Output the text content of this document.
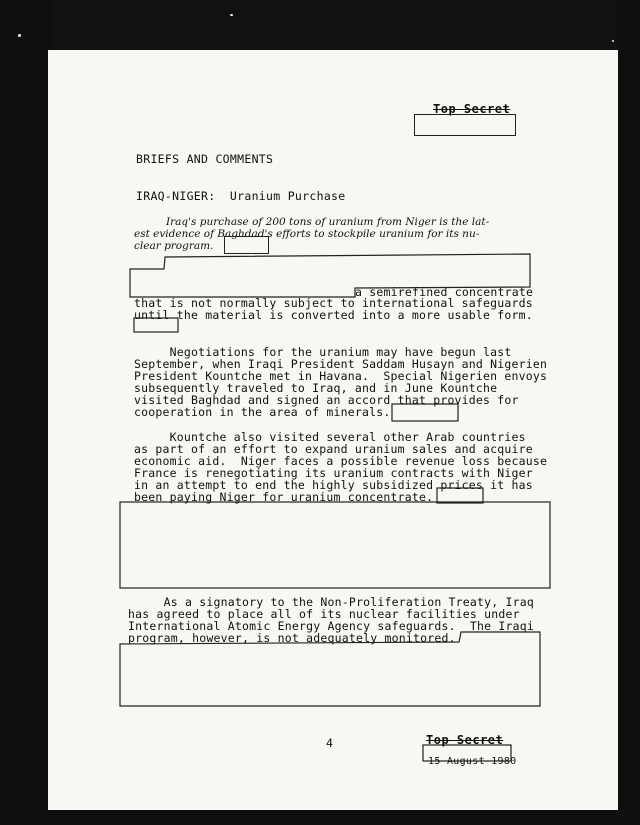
Top Secret
BRIEFS AND COMMENTS
IRAQ-NIGER:  Uranium Purchase
Iraq's purchase of 200 tons of uranium from Niger is the lat-
est evidence of Baghdad's efforts to stockpile uranium for its nu-
clear program.
a semirefined concentrate
that is not normally subject to international safeguards
until the material is converted into a more usable form.
Negotiations for the uranium may have begun last
September, when Iraqi President Saddam Husayn and Nigerien
President Kountche met in Havana.  Special Nigerien envoys
subsequently traveled to Iraq, and in June Kountche
visited Baghdad and signed an accord that provides for
cooperation in the area of minerals.
Kountche also visited several other Arab countries
as part of an effort to expand uranium sales and acquire
economic aid.  Niger faces a possible revenue loss because
France is renegotiating its uranium contracts with Niger
in an attempt to end the highly subsidized prices it has
been paying Niger for uranium concentrate.
As a signatory to the Non-Proliferation Treaty, Iraq
has agreed to place all of its nuclear facilities under
International Atomic Energy Agency safeguards.  The Iraqi
program, however, is not adequately monitored.
4	Top Secret
15 August 1980
